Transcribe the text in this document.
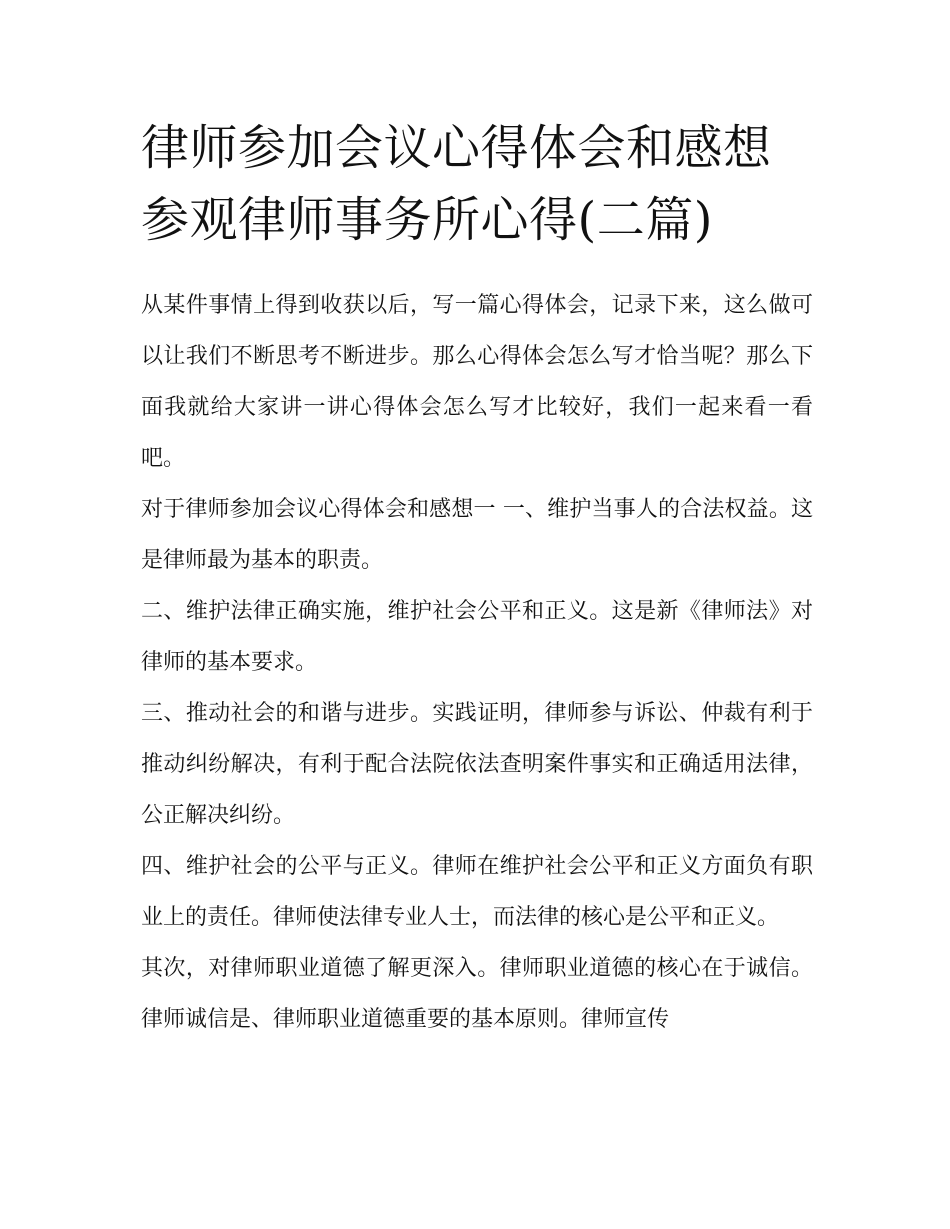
律师参加会议心得体会和感想参观律师事务所心得(二篇)

从某件事情上得到收获以后，写一篇心得体会，记录下来，这么做可以让我们不断思考不断进步。那么心得体会怎么写才恰当呢？那么下面我就给大家讲一讲心得体会怎么写才比较好，我们一起来看一看吧。

对于律师参加会议心得体会和感想一 一、维护当事人的合法权益。这是律师最为基本的职责。

二、维护法律正确实施，维护社会公平和正义。这是新《律师法》对律师的基本要求。

三、推动社会的和谐与进步。实践证明，律师参与诉讼、仲裁有利于推动纠纷解决，有利于配合法院依法查明案件事实和正确适用法律，公正解决纠纷。

四、维护社会的公平与正义。律师在维护社会公平和正义方面负有职业上的责任。律师使法律专业人士，而法律的核心是公平和正义。

其次，对律师职业道德了解更深入。律师职业道德的核心在于诚信。律师诚信是、律师职业道德重要的基本原则。律师宣传
